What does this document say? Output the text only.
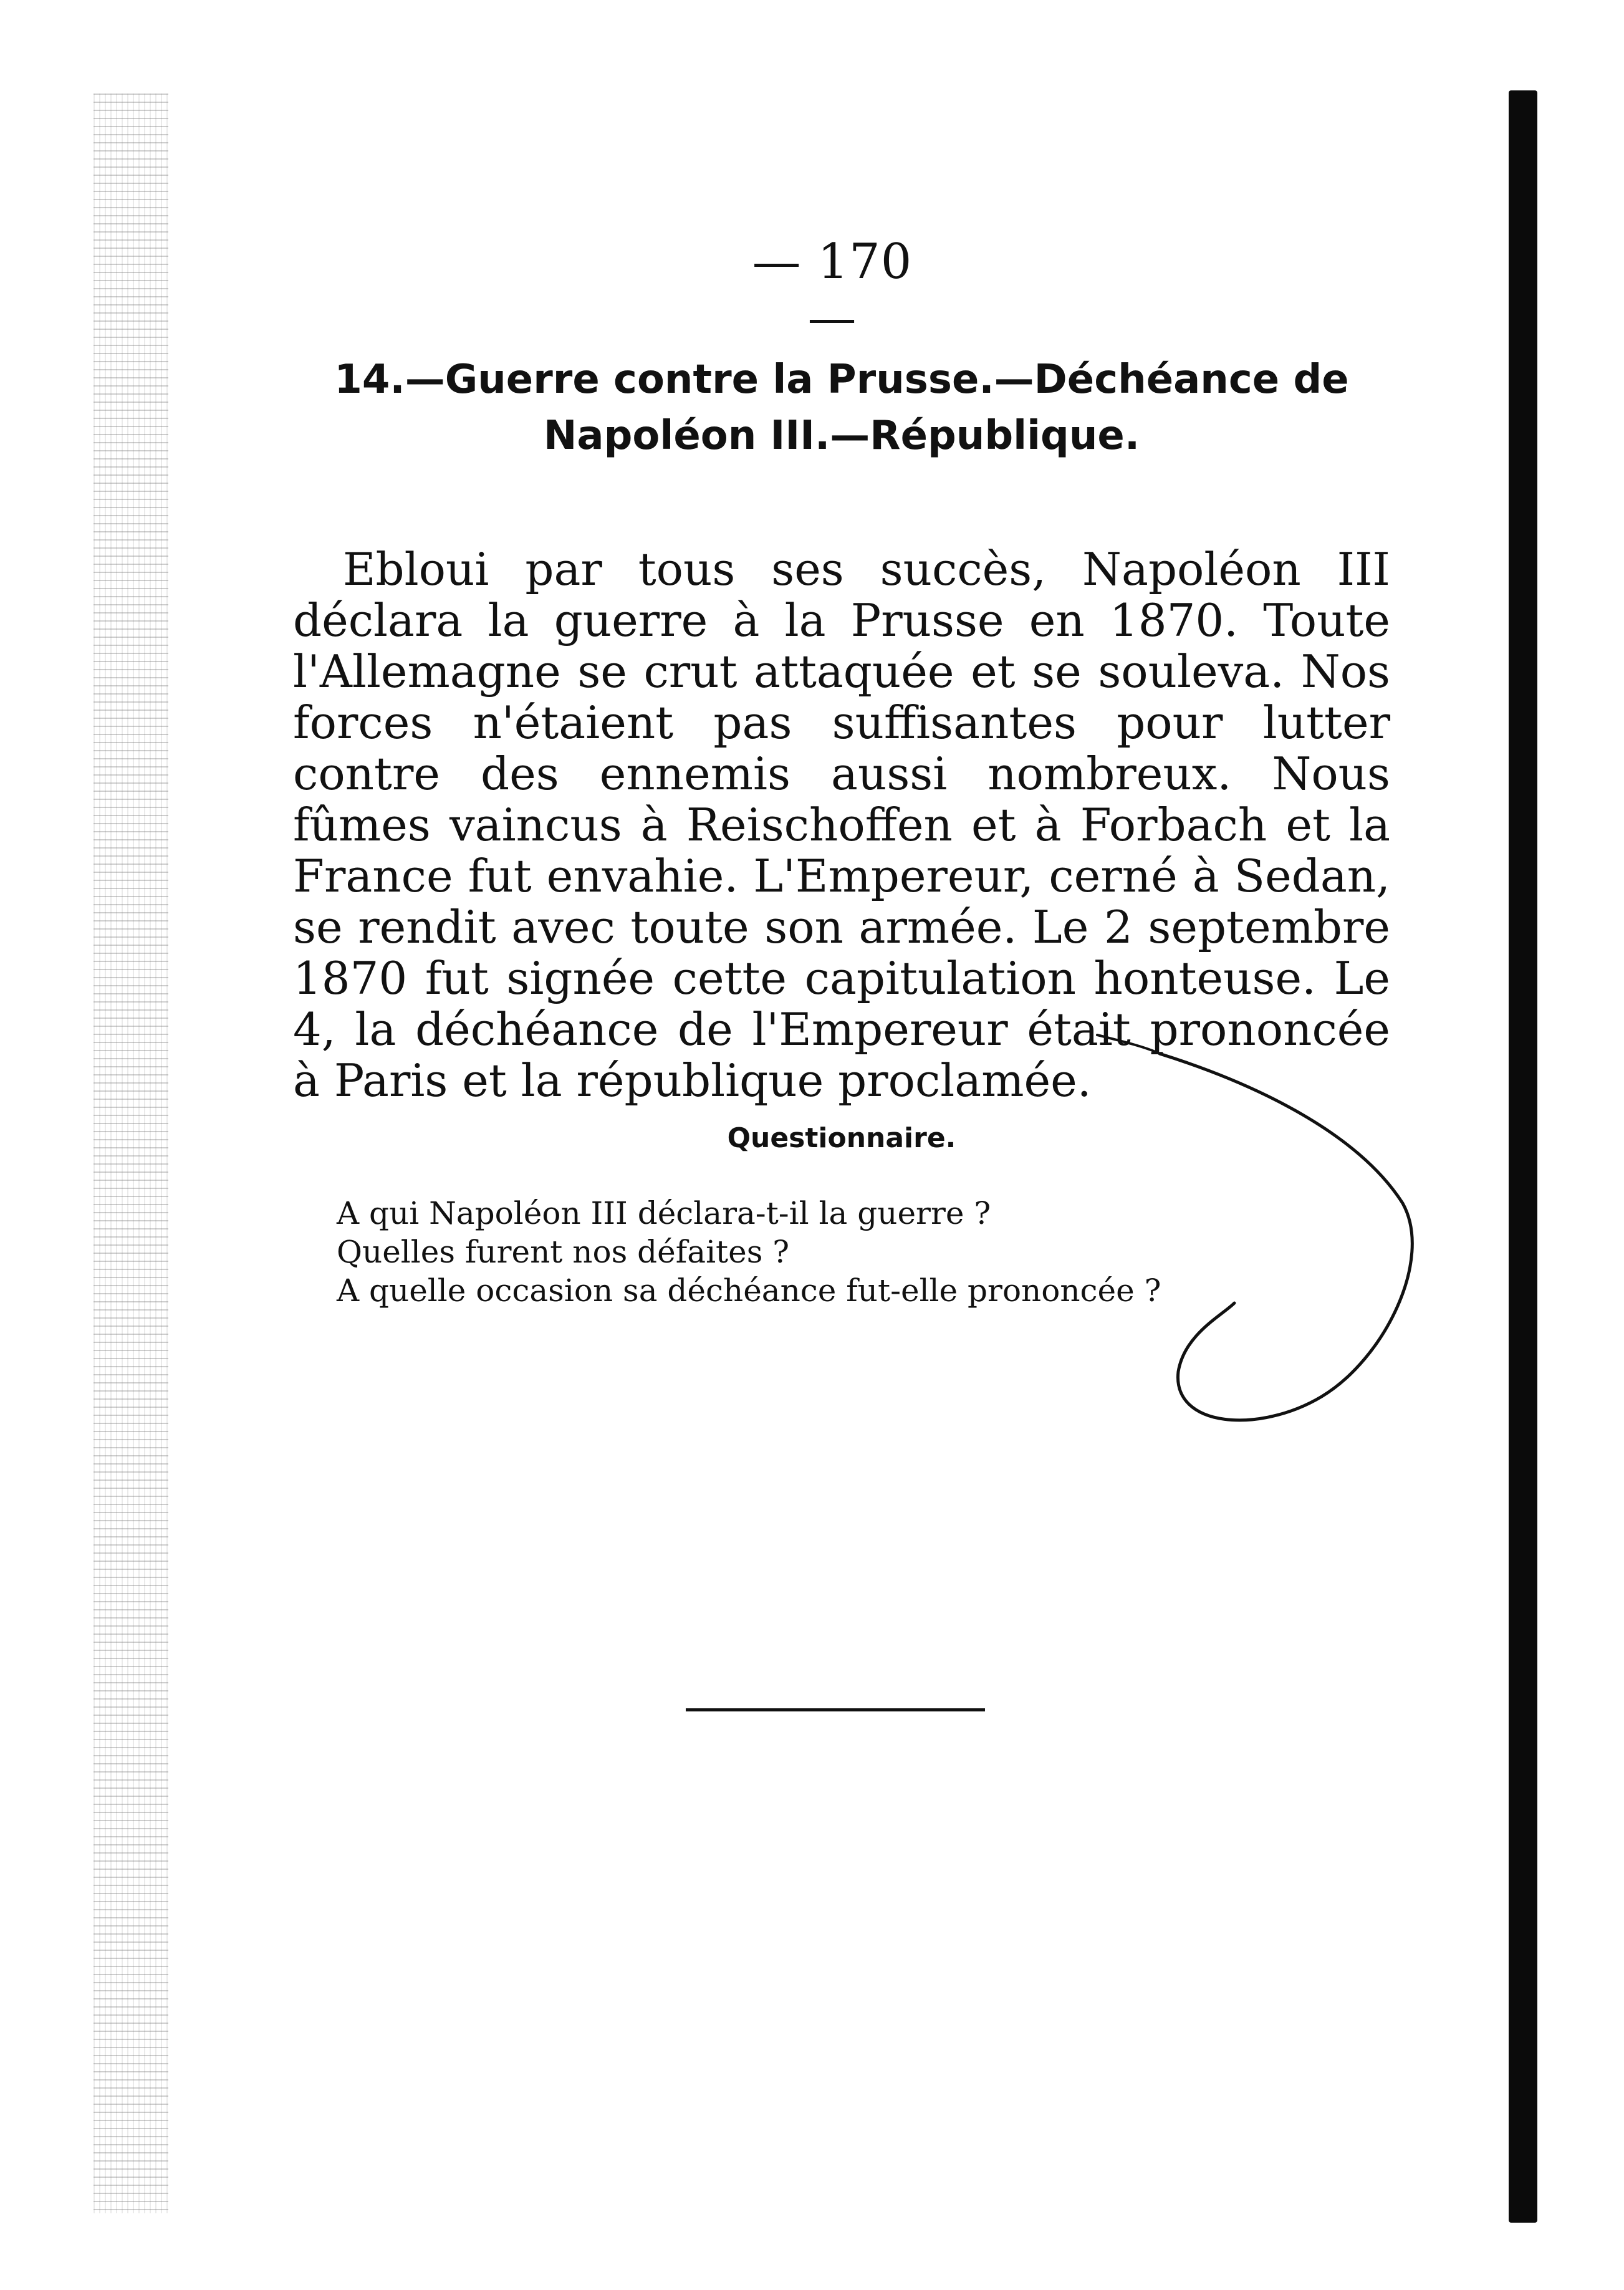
— 170 —
14.—Guerre contre la Prusse.—Déchéance de
Napoléon III.—République.

Ebloui par tous ses succès, Napoléon III déclara la guerre à la Prusse en 1870. Toute l'Allemagne se crut attaquée et se souleva. Nos forces n'étaient pas suffisantes pour lutter contre des ennemis aussi nombreux. Nous fûmes vaincus à Reischoffen et à Forbach et la France fut envahie. L'Empereur, cerné à Sedan, se rendit avec toute son armée. Le 2 septembre 1870 fut signée cette capitulation honteuse. Le 4, la déchéance de l'Empereur était prononcée à Paris et la république proclamée.

Questionnaire.
A qui Napoléon III déclara-t-il la guerre ?
Quelles furent nos défaites ?
A quelle occasion sa déchéance fut-elle prononcée ?
